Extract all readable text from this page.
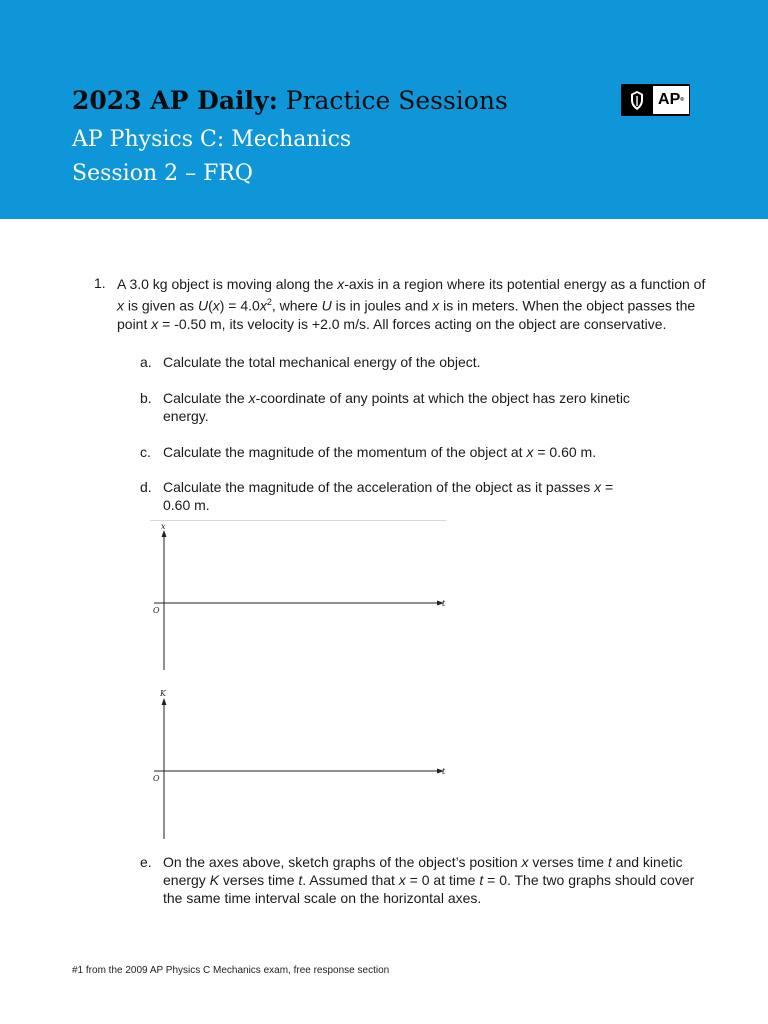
2023 AP Daily: Practice Sessions
AP Physics C: Mechanics
Session 2 – FRQ
AP ®
1. A 3.0 kg object is moving along the x-axis in a region where its potential energy as a function of x is given as $U(x) = 4.0x^2$, where U is in joules and x is in meters. When the object passes the point x = -0.50 m, its velocity is +2.0 m/s. All forces acting on the object are conservative.
a. Calculate the total mechanical energy of the object.
b. Calculate the x-coordinate of any points at which the object has zero kinetic energy.
c. Calculate the magnitude of the momentum of the object at x = 0.60 m.
d. Calculate the magnitude of the acceleration of the object as it passes x = 0.60 m.
x
t
O
K
t
O
e. On the axes above, sketch graphs of the object’s position x verses time t and kinetic energy K verses time t. Assumed that x = 0 at time t = 0. The two graphs should cover the same time interval scale on the horizontal axes.
#1 from the 2009 AP Physics C Mechanics exam, free response section
